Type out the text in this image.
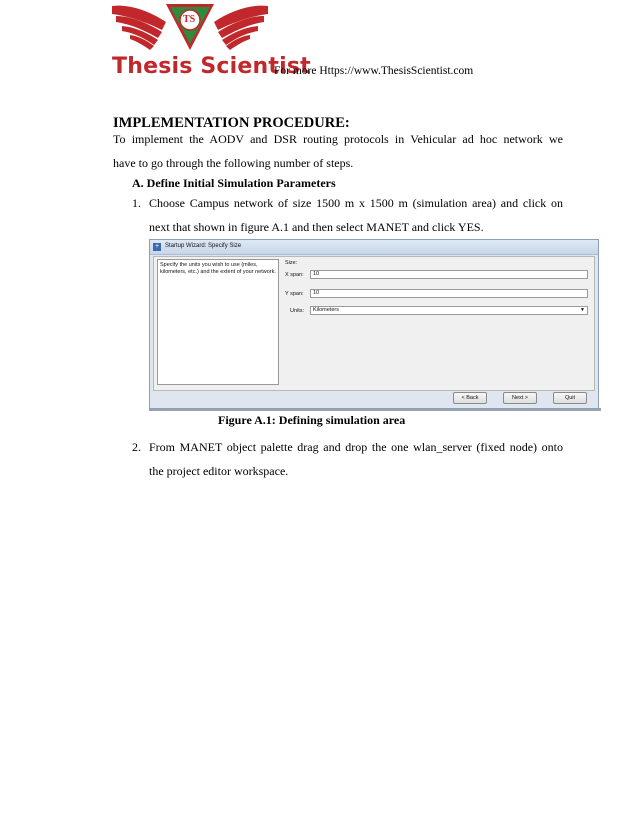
TS
Thesis Scientist
For more Https://www.ThesisScientist.com
IMPLEMENTATION PROCEDURE:

To implement the AODV and DSR routing protocols in Vehicular ad hoc network we
have to go through the following number of steps.

A. Define Initial Simulation Parameters
1. Choose Campus network of size 1500 m x 1500 m (simulation area) and click on
next that shown in figure A.1 and then select MANET and click YES.
+ Startup Wizard: Specify Size
Specify the units you wish to use (miles, kilometers, etc.) and the extent of your network.
Size:
X span:	10
Y span:	10
Units:	Kilometers	▼
< Back	Next >	Quit
Figure A.1: Defining simulation area
2. From MANET object palette drag and drop the one wlan_server (fixed node) onto
the project editor workspace.
